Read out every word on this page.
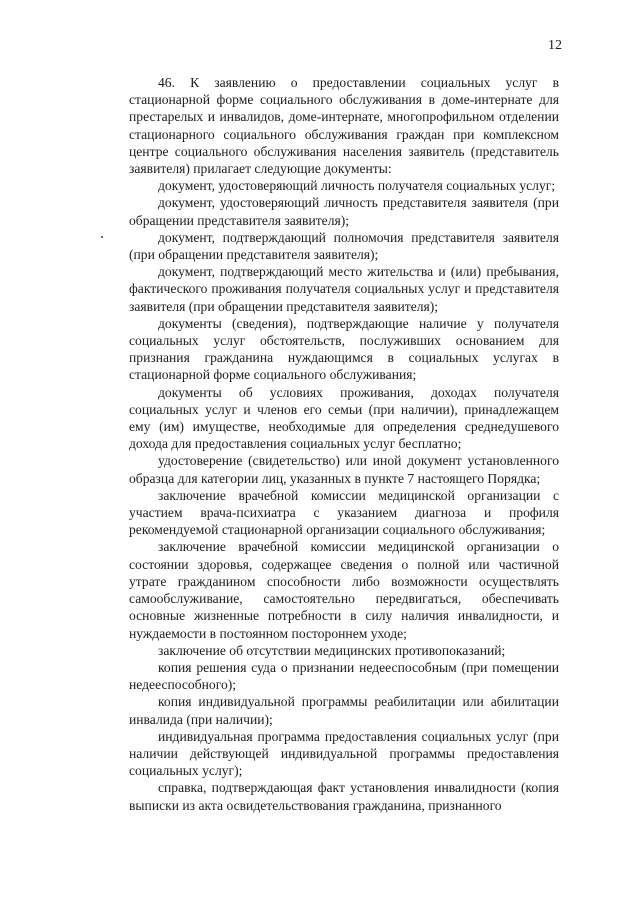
12

46. К заявлению о предоставлении социальных услуг в стационарной форме социального обслуживания в доме-интернате для престарелых и инвалидов, доме-интернате, многопрофильном отделении стационарного социального обслуживания граждан при комплексном центре социального обслуживания населения заявитель (представитель заявителя) прилагает следующие документы:

документ, удостоверяющий личность получателя социальных услуг;

документ, удостоверяющий личность представителя заявителя (при обращении представителя заявителя);

документ, подтверждающий полномочия представителя заявителя (при обращении представителя заявителя);

документ, подтверждающий место жительства и (или) пребывания, фактического проживания получателя социальных услуг и представителя заявителя (при обращении представителя заявителя);

документы (сведения), подтверждающие наличие у получателя социальных услуг обстоятельств, послуживших основанием для признания гражданина нуждающимся в социальных услугах в стационарной форме социального обслуживания;

документы об условиях проживания, доходах получателя социальных услуг и членов его семьи (при наличии), принадлежащем ему (им) имуществе, необходимые для определения среднедушевого дохода для предоставления социальных услуг бесплатно;

удостоверение (свидетельство) или иной документ установленного образца для категории лиц, указанных в пункте 7 настоящего Порядка;

заключение врачебной комиссии медицинской организации с участием врача-психиатра с указанием диагноза и профиля рекомендуемой стационарной организации социального обслуживания;

заключение врачебной комиссии медицинской организации о состоянии здоровья, содержащее сведения о полной или частичной утрате гражданином способности либо возможности осуществлять самообслуживание, самостоятельно передвигаться, обеспечивать основные жизненные потребности в силу наличия инвалидности, и нуждаемости в постоянном постороннем уходе;

заключение об отсутствии медицинских противопоказаний;

копия решения суда о признании недееспособным (при помещении недееспособного);

копия индивидуальной программы реабилитации или абилитации инвалида (при наличии);

индивидуальная программа предоставления социальных услуг (при наличии действующей индивидуальной программы предоставления социальных услуг);

справка, подтверждающая факт установления инвалидности (копия выписки из акта освидетельствования гражданина, признанного
